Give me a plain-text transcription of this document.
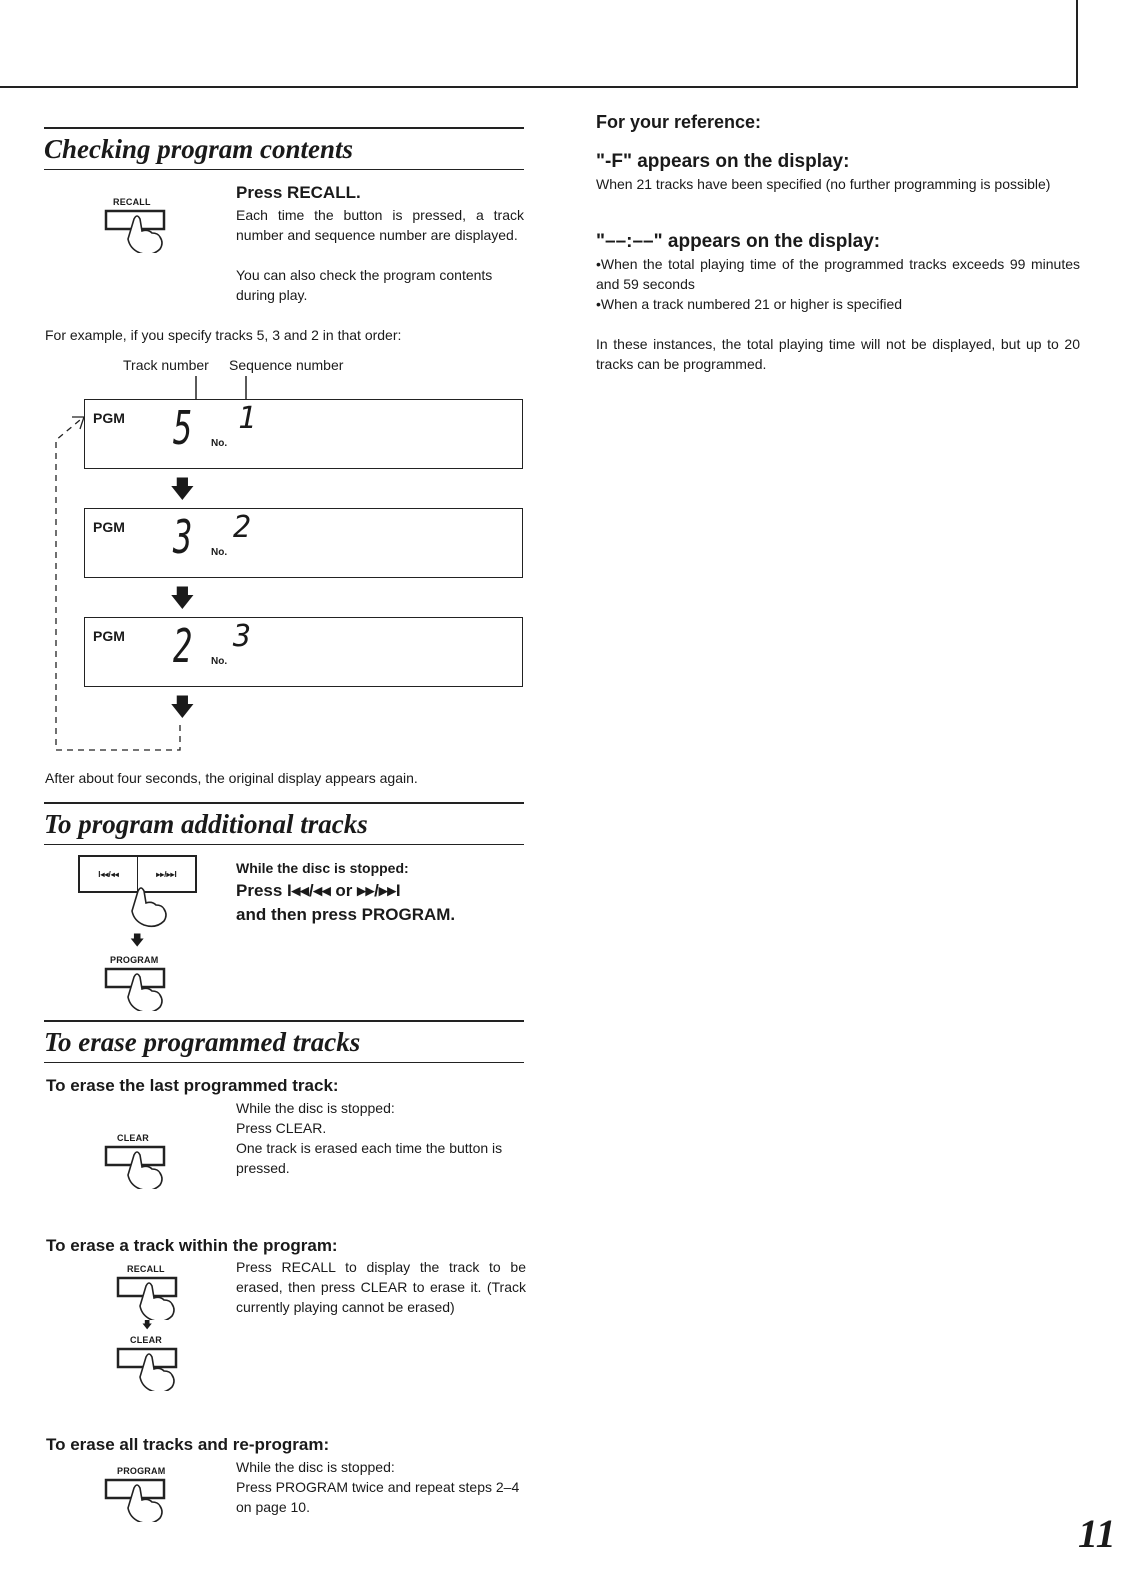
Checking program contents
RECALL	Press RECALL.
Each time the button is pressed, a track number and sequence number are displayed.
You can also check the program contents during play.
For example, if you specify tracks 5, 3 and 2 in that order:
Track number Sequence number
PGM 5 No.
1
🡇
PGM 3 No.
2
🡇
PGM 2 No.
3
🡇
After about four seconds, the original display appears again.
To program additional tracks
I◂◂/◂◂	▸▸/▸▸I
🡇
PROGRAM
While the disc is stopped:
Press I◂◂/◂◂ or ▸▸/▸▸I
and then press PROGRAM.
To erase programmed tracks
To erase the last programmed track:
CLEAR
While the disc is stopped:
Press CLEAR.
One track is erased each time the button is pressed.
To erase a track within the program:
RECALL
🡇
CLEAR
Press RECALL to display the track to be erased, then press CLEAR to erase it. (Track currently playing cannot be erased)
To erase all tracks and re-program:
PROGRAM	While the disc is stopped:
Press PROGRAM twice and repeat steps 2–4 on page 10.
For your reference:
"-F" appears on the display:
When 21 tracks have been specified (no further programming is possible)
"––:––" appears on the display:
•When the total playing time of the programmed tracks exceeds 99 minutes and 59 seconds
•When a track numbered 21 or higher is specified
In these instances, the total playing time will not be displayed, but up to 20 tracks can be programmed.
11
